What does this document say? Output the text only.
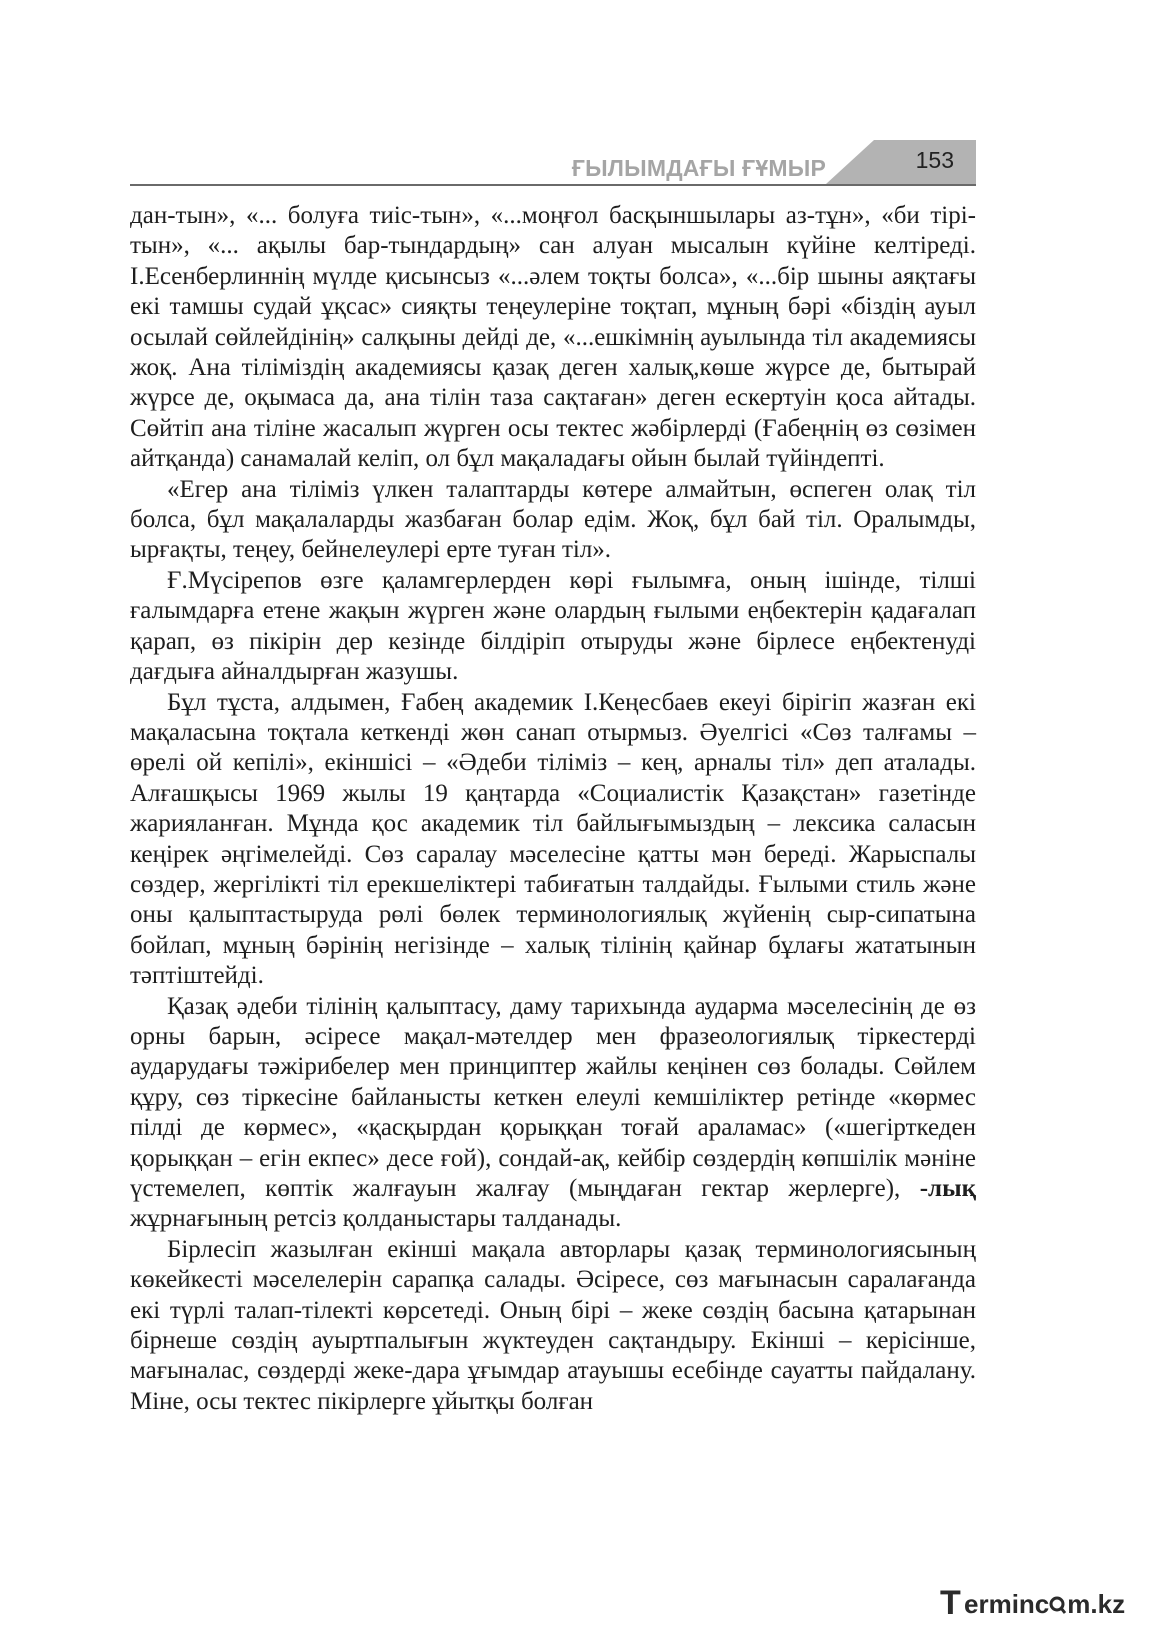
ҒЫЛЫМДАҒЫ ҒҰМЫР	153

дан-тын», «... болуға тиіс-тын», «...моңғол басқыншылары аз-тұн», «би тірі-тын», «... ақылы бар-тындардың» сан алуан мысалын күйіне келтіреді. І.Есенберлиннің мүлде қисынсыз «...әлем тоқты болса», «...бір шыны аяқтағы екі тамшы судай ұқсас» сияқты теңеулеріне тоқтап, мұның бәрі «біздің ауыл осылай сөйлейдінің» салқыны дейді де, «...ешкімнің ауылында тіл академиясы жоқ. Ана тіліміздің академиясы қазақ деген халық,көше жүрсе де, бытырай жүрсе де, оқымаса да, ана тілін таза сақтаған» деген ескертуін қоса айтады. Сөйтіп ана тіліне жасалып жүрген осы тектес жәбірлерді (Ғабеңнің өз сөзімен айтқанда) санамалай келіп, ол бұл мақаладағы ойын былай түйіндепті.

«Егер ана тіліміз үлкен талаптарды көтере алмайтын, өспеген олақ тіл болса, бұл мақалаларды жазбаған болар едім. Жоқ, бұл бай тіл. Оралымды, ырғақты, теңеу, бейнелеулері ерте туған тіл».

Ғ.Мүсірепов өзге қаламгерлерден көрі ғылымға, оның ішінде, тілші ғалымдарға етене жақын жүрген және олардың ғылыми еңбектерін қадағалап қарап, өз пікірін дер кезінде білдіріп отыруды және бірлесе еңбектенуді дағдыға айналдырған жазушы.

Бұл тұста, алдымен, Ғабең академик І.Кеңесбаев екеуі бірігіп жазған екі мақаласына тоқтала кеткенді жөн санап отырмыз. Әуелгісі «Сөз талғамы – өрелі ой кепілі», екіншісі – «Әдеби тіліміз – кең, арналы тіл» деп аталады. Алғашқысы 1969 жылы 19 қаңтарда «Социалистік Қазақстан» газетінде жарияланған. Мұнда қос академик тіл байлығымыздың – лексика саласын кеңірек әңгімелейді. Сөз саралау мәселесіне қатты мән береді. Жарыспалы сөздер, жергілікті тіл ерекшеліктері табиғатын талдайды. Ғылыми стиль және оны қалыптастыруда рөлі бөлек терминологиялық жүйенің сыр-сипатына бойлап, мұның бәрінің негізінде – халық тілінің қайнар бұлағы жататынын тәптіштейді.

Қазақ әдеби тілінің қалыптасу, даму тарихында аудармa мәселесінің де өз орны барын, әсіресе мақал-мәтелдер мен фразеологиялық тіркестерді аударудағы тәжірибелер мен принциптер жайлы кеңінен сөз болады. Сөйлем құру, сөз тіркесіне байланысты кеткен елеулі кемшіліктер ретінде «көрмес пілді де көрмес», «қасқырдан қорыққан тоғай араламас» («шегірткеден қорыққан – егін екпес» десе ғой), сондай-ақ, кейбір сөздердің көпшілік мәніне үстемелеп, көптік жалғауын жалғау (мыңдаған гектар жерлерге), -лық жұрнағының ретсіз қолданыстары талданады.

Бірлесіп жазылған екінші мақала авторлары қазақ терминологиясының көкейкесті мәселелерін сарапқа салады. Әсіресе, сөз мағынасын саралағанда екі түрлі талап-тілекті көрсетеді. Оның бірі – жеке сөздің басына қатарынан бірнеше сөздің ауыртпалығын жүктеуден сақтандыру. Екінші – керісінше, мағыналас, сөздерді жеке-дара ұғымдар атауышы есебінде сауатты пайдалану. Міне, осы тектес пікірлерге ұйытқы болған

T erminc m.kz
